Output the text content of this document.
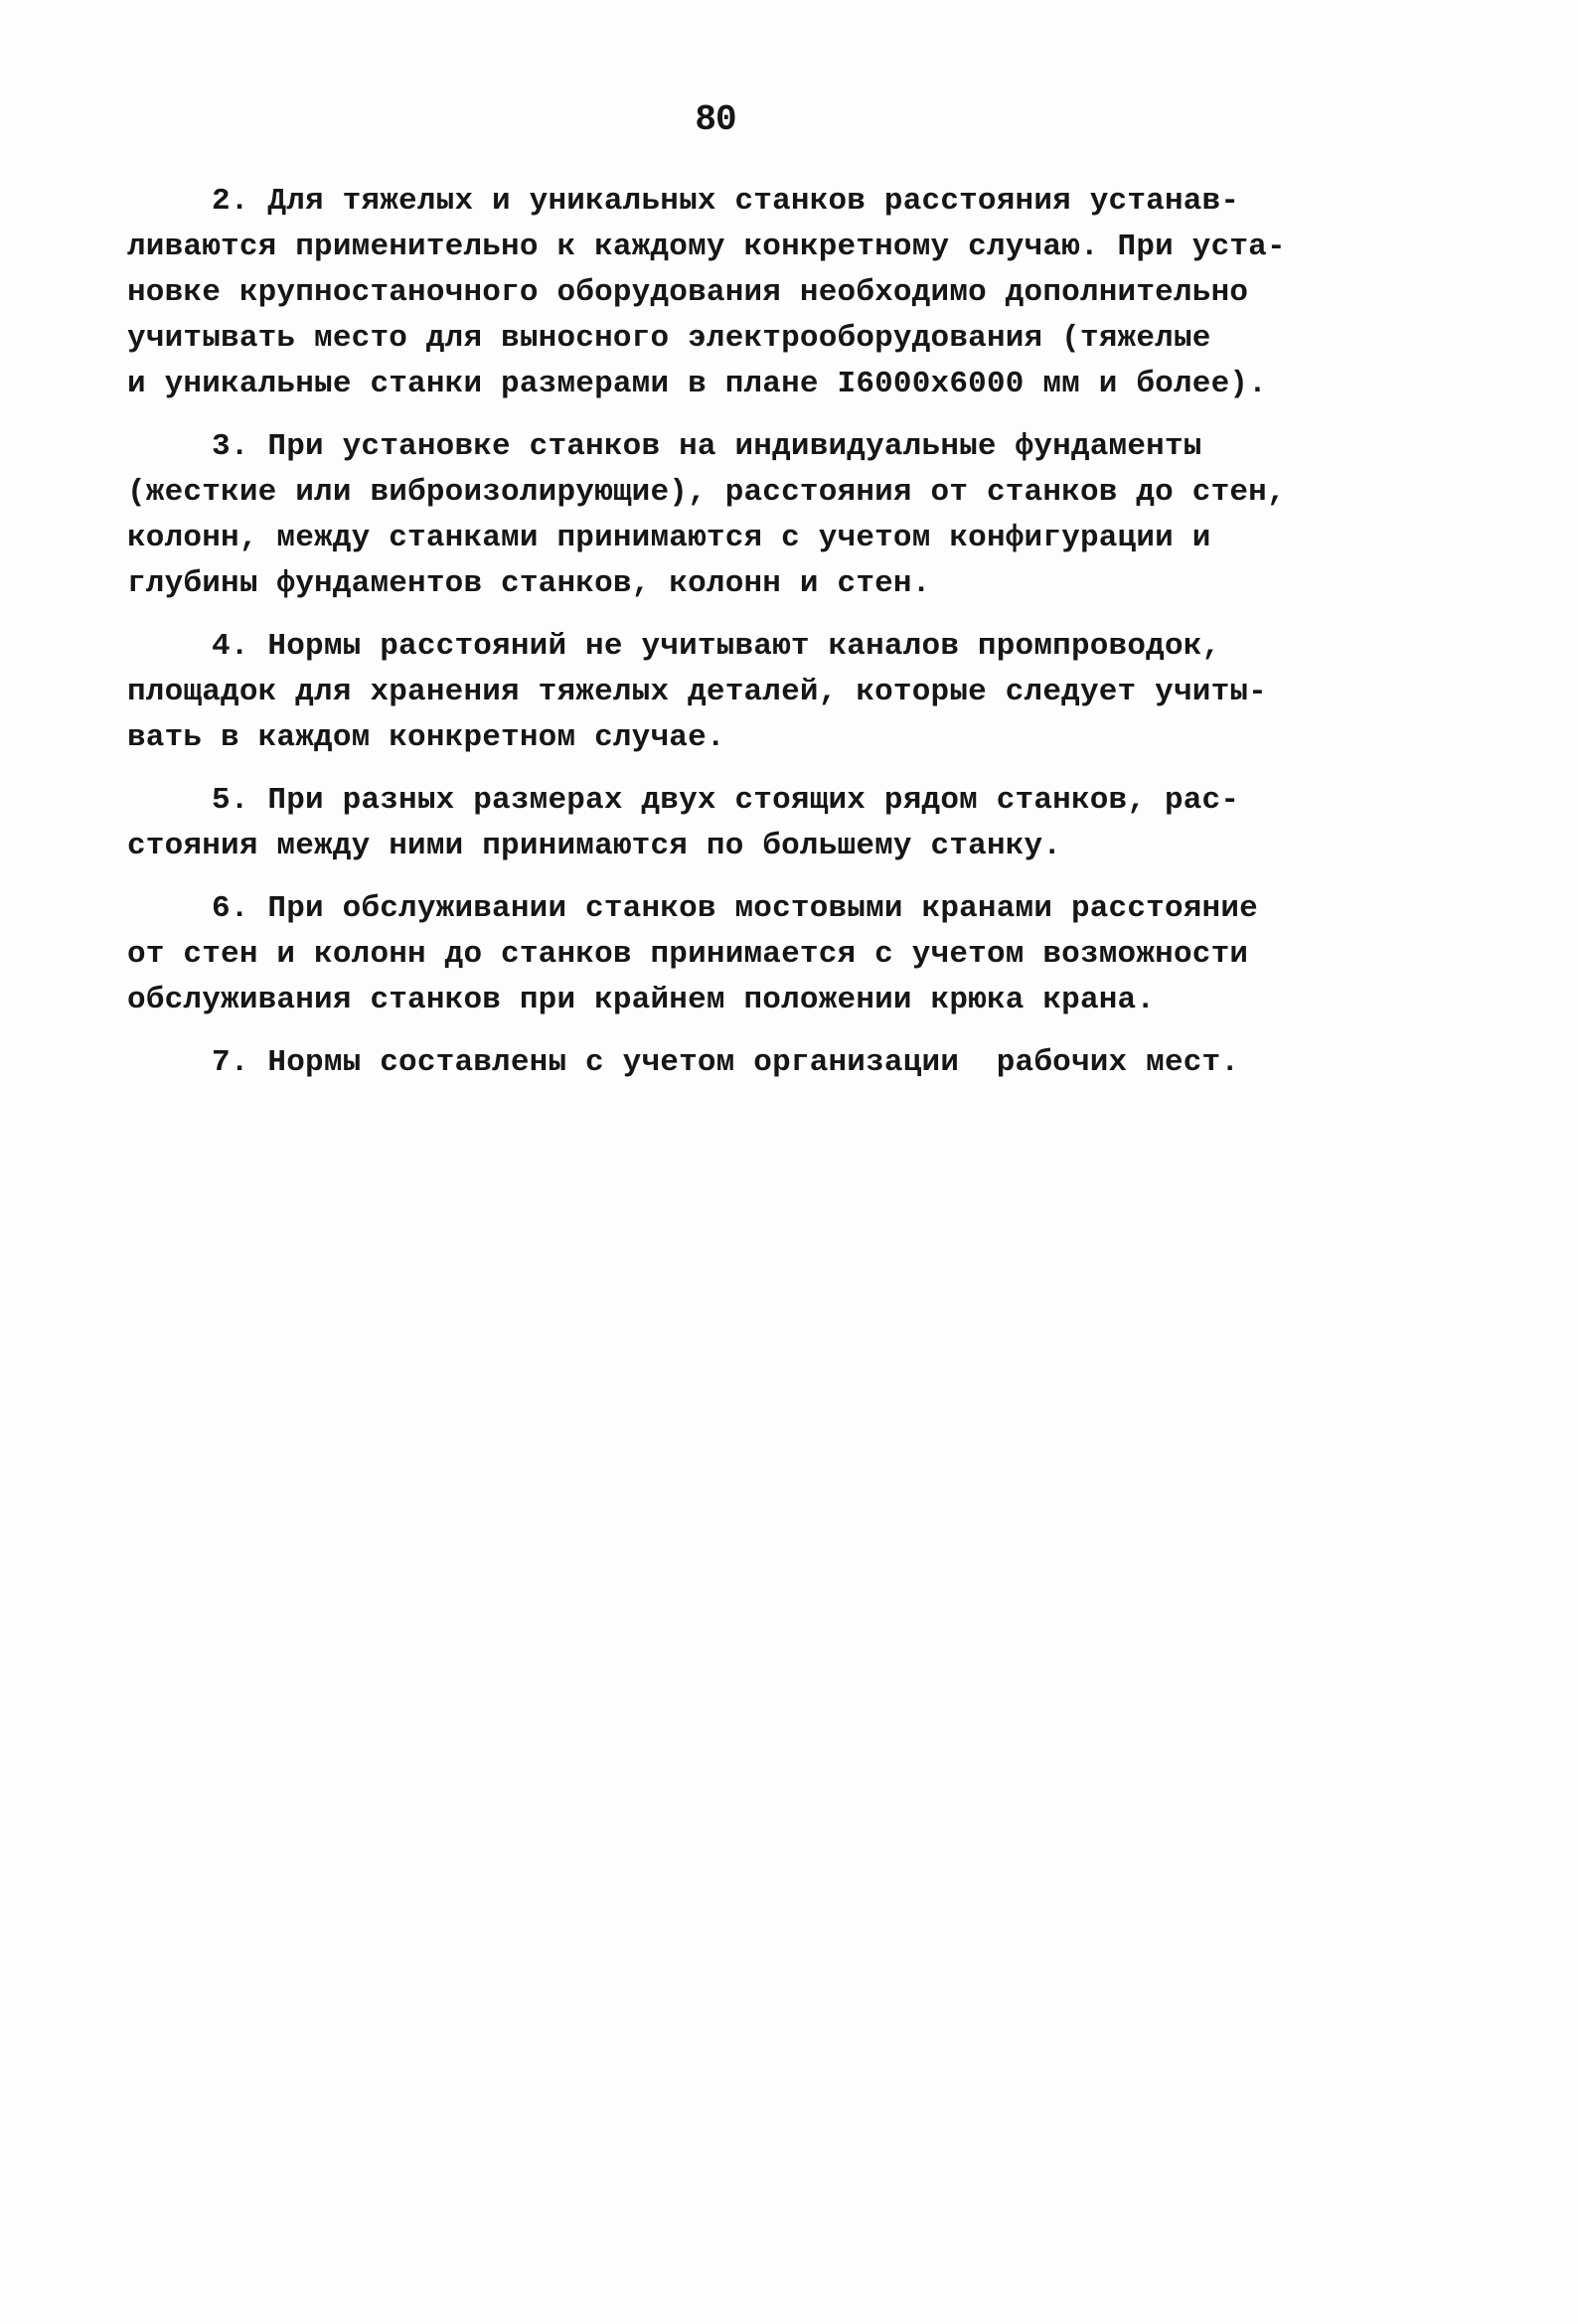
80
2. Для тяжелых и уникальных станков расстояния устанав-
ливаются применительно к каждому конкретному случаю. При уста-
новке крупностаночного оборудования необходимо дополнительно
учитывать место для выносного электрооборудования (тяжелые
и уникальные станки размерами в плане I6000x6000 мм и более).
3. При установке станков на индивидуальные фундаменты
(жесткие или виброизолирующие), расстояния от станков до стен,
колонн, между станками принимаются с учетом конфигурации и
глубины фундаментов станков, колонн и стен.
4. Нормы расстояний не учитывают каналов промпроводок,
площадок для хранения тяжелых деталей, которые следует учиты-
вать в каждом конкретном случае.
5. При разных размерах двух стоящих рядом станков, рас-
стояния между ними принимаются по большему станку.
6. При обслуживании станков мостовыми кранами расстояние
от стен и колонн до станков принимается с учетом возможности
обслуживания станков при крайнем положении крюка крана.
7. Нормы составлены с учетом организации  рабочих мест.
